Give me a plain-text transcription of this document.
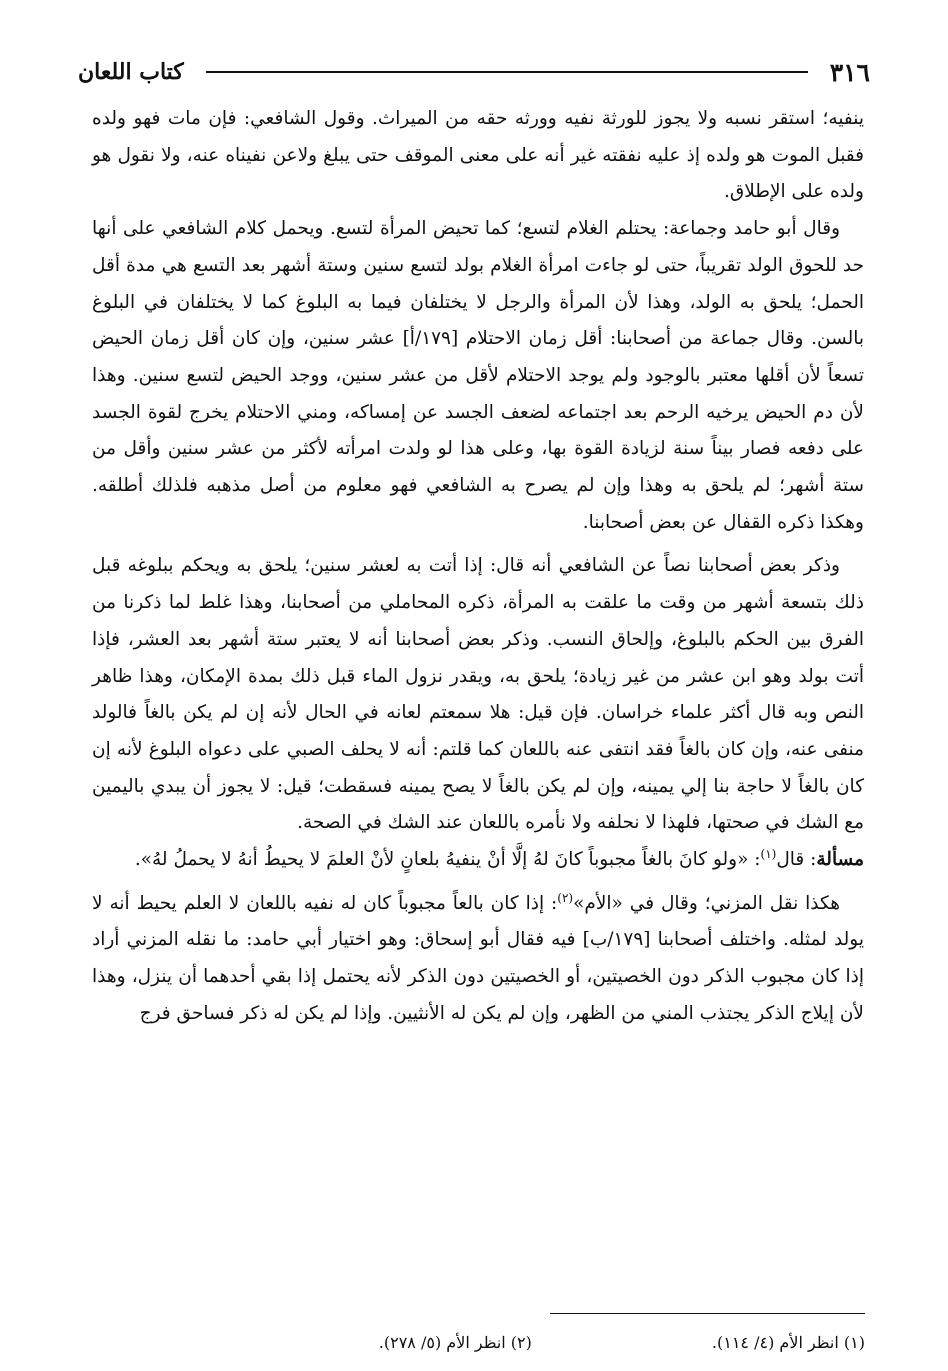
٣١٦
كتاب اللعان

ينفيه؛ استقر نسبه ولا يجوز للورثة نفيه وورثه حقه من الميراث. وقول الشافعي: فإن مات فهو ولده فقبل الموت هو ولده إذ عليه نفقته غير أنه على معنى الموقف حتى يبلغ ولاعن نفيناه عنه، ولا نقول هو ولده على الإطلاق.

وقال أبو حامد وجماعة: يحتلم الغلام لتسع؛ كما تحيض المرأة لتسع. ويحمل كلام الشافعي على أنها حد للحوق الولد تقريباً، حتى لو جاءت امرأة الغلام بولد لتسع سنين وستة أشهر بعد التسع هي مدة أقل الحمل؛ يلحق به الولد، وهذا لأن المرأة والرجل لا يختلفان فيما به البلوغ كما لا يختلفان في البلوغ بالسن. وقال جماعة من أصحابنا: أقل زمان الاحتلام [١٧٩/أ] عشر سنين، وإن كان أقل زمان الحيض تسعاً لأن أقلها معتبر بالوجود ولم يوجد الاحتلام لأقل من عشر سنين، ووجد الحيض لتسع سنين. وهذا لأن دم الحيض يرخيه الرحم بعد اجتماعه لضعف الجسد عن إمساكه، ومني الاحتلام يخرج لقوة الجسد على دفعه فصار بيناً سنة لزيادة القوة بها، وعلى هذا لو ولدت امرأته لأكثر من عشر سنين وأقل من ستة أشهر؛ لم يلحق به وهذا وإن لم يصرح به الشافعي فهو معلوم من أصل مذهبه فلذلك أطلقه. وهكذا ذكره القفال عن بعض أصحابنا.

وذكر بعض أصحابنا نصاً عن الشافعي أنه قال: إذا أتت به لعشر سنين؛ يلحق به ويحكم ببلوغه قبل ذلك بتسعة أشهر من وقت ما علقت به المرأة، ذكره المحاملي من أصحابنا، وهذا غلط لما ذكرنا من الفرق بين الحكم بالبلوغ، وإلحاق النسب. وذكر بعض أصحابنا أنه لا يعتبر ستة أشهر بعد العشر، فإذا أتت بولد وهو ابن عشر من غير زيادة؛ يلحق به، ويقدر نزول الماء قبل ذلك بمدة الإمكان، وهذا ظاهر النص وبه قال أكثر علماء خراسان. فإن قيل: هلا سمعتم لعانه في الحال لأنه إن لم يكن بالغاً فالولد منفى عنه، وإن كان بالغاً فقد انتفى عنه باللعان كما قلتم: أنه لا يحلف الصبي على دعواه البلوغ لأنه إن كان بالغاً لا حاجة بنا إلي يمينه، وإن لم يكن بالغاً لا يصح يمينه فسقطت؛ قيل: لا يجوز أن يبدي باليمين مع الشك في صحتها، فلهذا لا نحلفه ولا نأمره باللعان عند الشك في الصحة.

مسألة: قال$^{(١)}$: «ولو كانَ بالغاً مجبوباً كانَ لهُ إلَّا أنْ ينفيهُ بلعانٍ لأنْ العلمَ لا يحيطُ أنهُ لا يحملُ لهُ».

هكذا نقل المزني؛ وقال في «الأم»$^{(٢)}$: إذا كان بالعاً مجبوباً كان له نفيه باللعان لا العلم يحيط أنه لا يولد لمثله. واختلف أصحابنا [١٧٩/ب] فيه فقال أبو إسحاق: وهو اختيار أبي حامد: ما نقله المزني أراد إذا كان مجبوب الذكر دون الخصيتين، أو الخصيتين دون الذكر لأنه يحتمل إذا بقي أحدهما أن ينزل، وهذا لأن إيلاج الذكر يجتذب المني من الظهر، وإن لم يكن له الأنثيين. وإذا لم يكن له ذكر فساحق فرج

(١) انظر الأم (٤/ ١١٤).
(٢) انظر الأم (٥/ ٢٧٨).
